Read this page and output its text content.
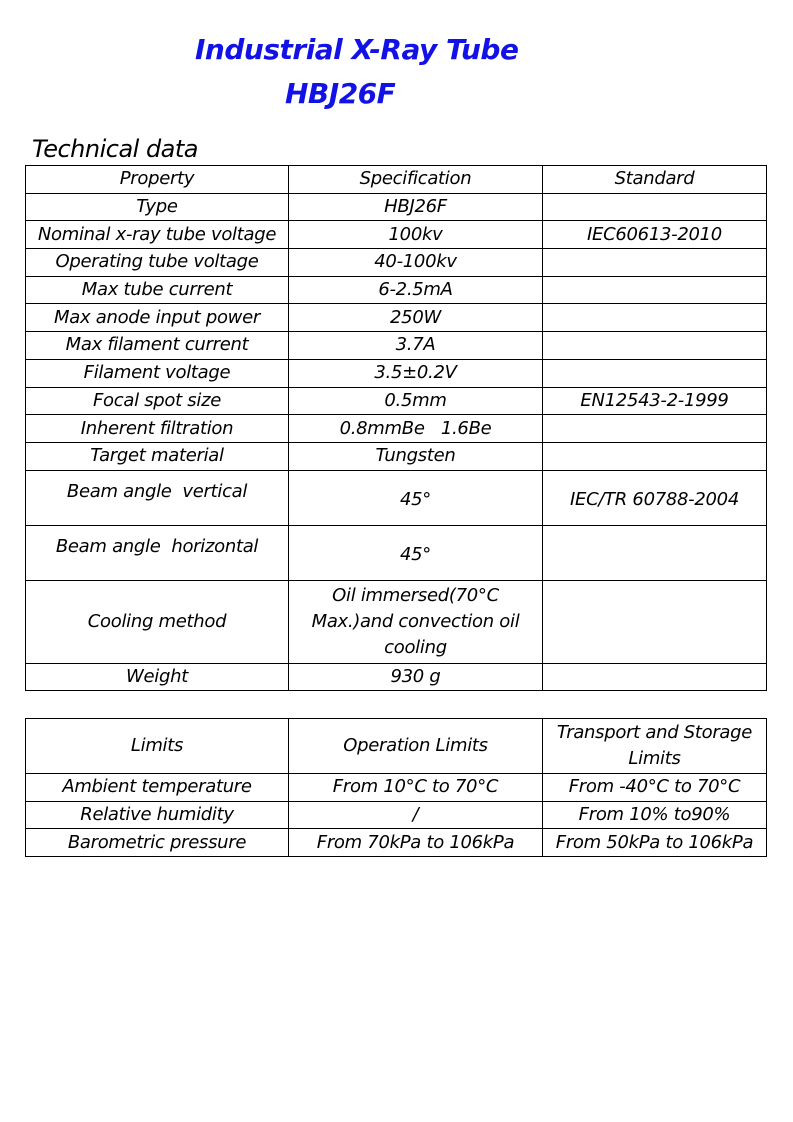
Industrial X-Ray Tube
HBJ26F
Technical data
Property	Specification	Standard
Type	HBJ26F	
Nominal x-ray tube voltage	100kv	IEC60613-2010
Operating tube voltage	40-100kv	
Max tube current	6-2.5mA	
Max anode input power	250W	
Max filament current	3.7A	
Filament voltage	3.5±0.2V	
Focal spot size	0.5mm	EN12543-2-1999
Inherent filtration	0.8mmBe   1.6Be	
Target material	Tungsten	
Beam angle  vertical	45°	IEC/TR 60788-2004
Beam angle  horizontal	45°	
Cooling method	Oil immersed(70°C Max.)and convection oil cooling	
Weight	930 g	
Limits	Operation Limits	Transport and Storage Limits
Ambient temperature	From 10°C to 70°C	From -40°C to 70°C
Relative humidity	/	From 10% to90%
Barometric pressure	From 70kPa to 106kPa	From 50kPa to 106kPa
